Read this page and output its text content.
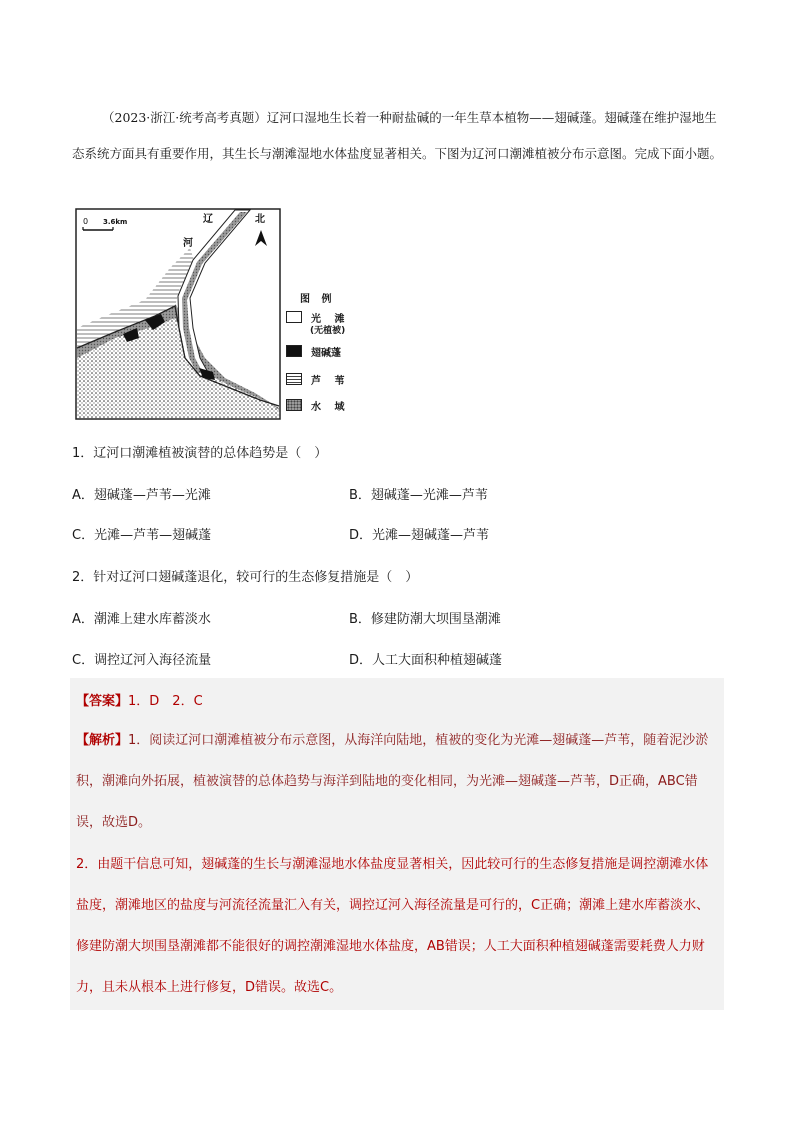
（2023·浙江·统考高考真题）辽河口湿地生长着一种耐盐碱的一年生草本植物——翅碱蓬。翅碱蓬在维护湿地生态系统方面具有重要作用，其生长与潮滩湿地水体盐度显著相关。下图为辽河口潮滩植被分布示意图。完成下面小题。
0 3.6km	辽
河
北
图 例
光 滩
(无植被)
翅碱蓬
芦 苇
水 域
1．辽河口潮滩植被演替的总体趋势是（　）
A．翅碱蓬—芦苇—光滩	B．翅碱蓬—光滩—芦苇
C．光滩—芦苇—翅碱蓬	D．光滩—翅碱蓬—芦苇
2．针对辽河口翅碱蓬退化，较可行的生态修复措施是（　）
A．潮滩上建水库蓄淡水	B．修建防潮大坝围垦潮滩
C．调控辽河入海径流量	D．人工大面积种植翅碱蓬
【答案】1．D　2．C
【解析】1．阅读辽河口潮滩植被分布示意图，从海洋向陆地，植被的变化为光滩—翅碱蓬—芦苇，随着泥沙淤积，潮滩向外拓展，植被演替的总体趋势与海洋到陆地的变化相同，为光滩—翅碱蓬—芦苇，D正确，ABC错误，故选D。
2．由题干信息可知，翅碱蓬的生长与潮滩湿地水体盐度显著相关，因此较可行的生态修复措施是调控潮滩水体盐度，潮滩地区的盐度与河流径流量汇入有关，调控辽河入海径流量是可行的，C正确；潮滩上建水库蓄淡水、修建防潮大坝围垦潮滩都不能很好的调控潮滩湿地水体盐度，AB错误；人工大面积种植翅碱蓬需要耗费人力财力，且未从根本上进行修复，D错误。故选C。
